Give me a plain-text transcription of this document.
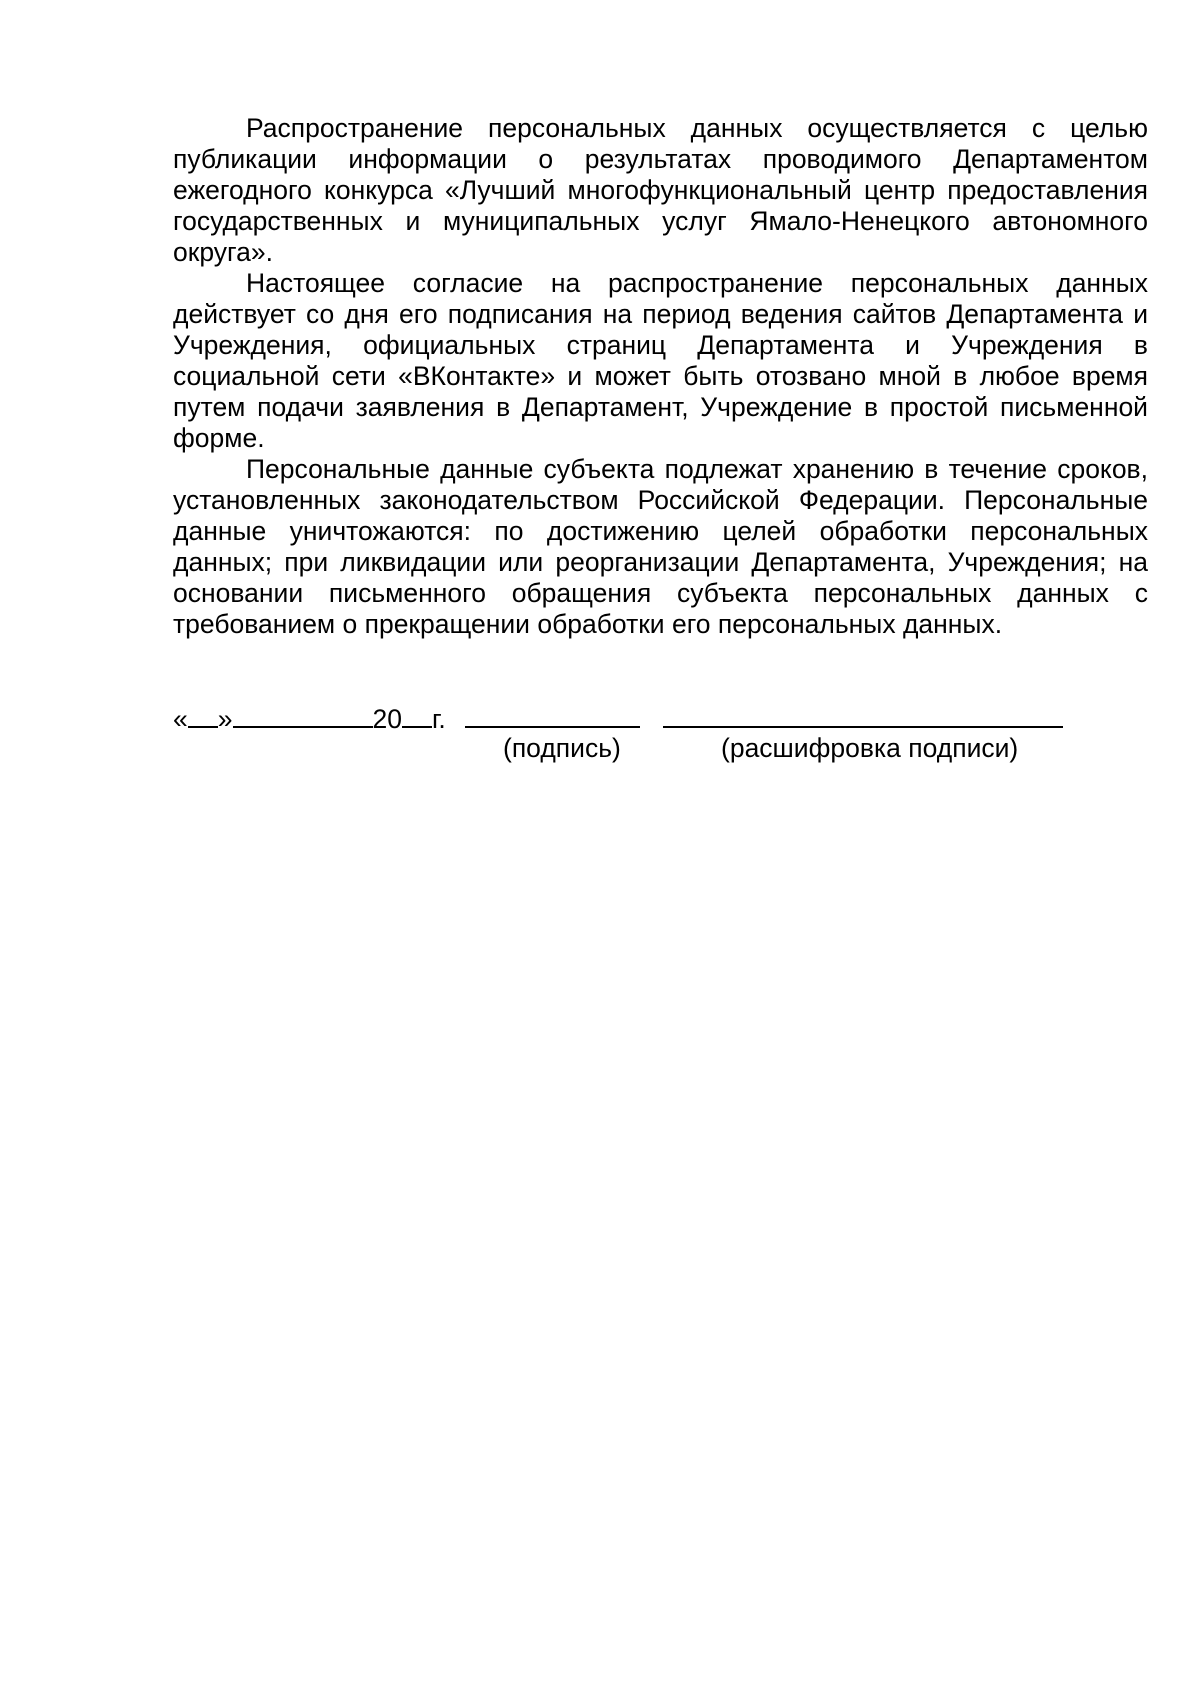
Распространение персональных данных осуществляется с целью публикации информации о результатах проводимого Департаментом ежегодного конкурса «Лучший многофункциональный центр предоставления государственных и муниципальных услуг Ямало-Ненецкого автономного округа».

Настоящее согласие на распространение персональных данных действует со дня его подписания на период ведения сайтов Департамента и Учреждения, официальных страниц Департамента и Учреждения в социальной сети «ВКонтакте» и может быть отозвано мной в любое время путем подачи заявления в Департамент, Учреждение в простой письменной форме.

Персональные данные субъекта подлежат хранению в течение сроков, установленных законодательством Российской Федерации. Персональные данные уничтожаются: по достижению целей обработки персональных данных; при ликвидации или реорганизации Департамента, Учреждения; на основании письменного обращения субъекта персональных данных с требованием о прекращении обработки его персональных данных.

« »	20 г.
(подпись)	(расшифровка подписи)
